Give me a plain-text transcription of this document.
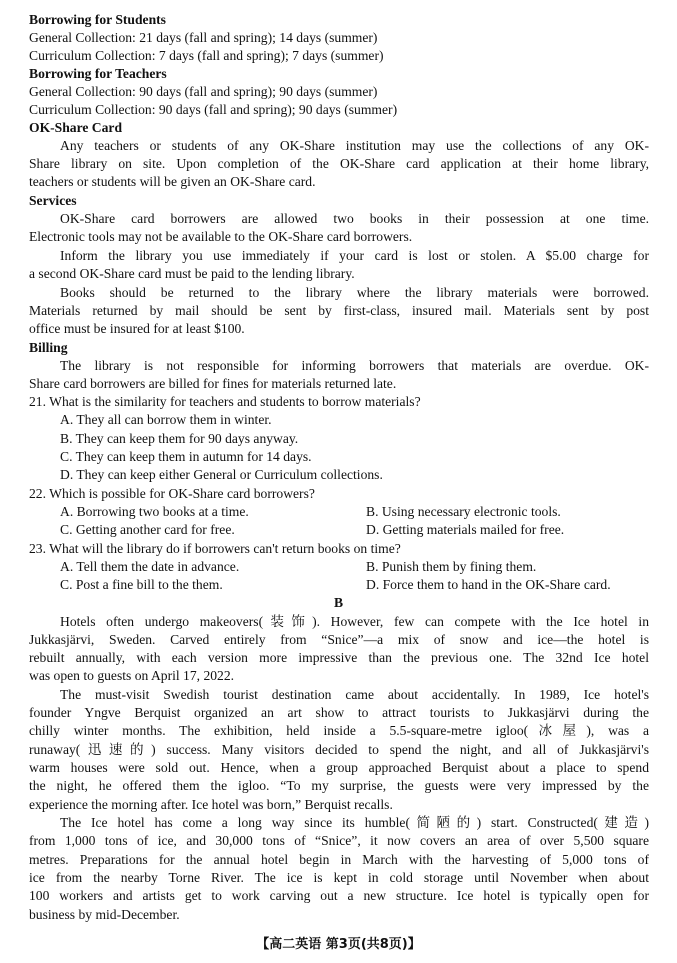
Borrowing for Students

General Collection: 21 days (fall and spring); 14 days (summer)

Curriculum Collection: 7 days (fall and spring); 7 days (summer)

Borrowing for Teachers

General Collection: 90 days (fall and spring); 90 days (summer)

Curriculum Collection: 90 days (fall and spring); 90 days (summer)

OK-Share Card

Any teachers or students of any OK-Share institution may use the collections of any OK-

Share library on site. Upon completion of the OK-Share card application at their home library,

teachers or students will be given an OK-Share card.

Services

OK-Share card borrowers are allowed two books in their possession at one time.

Electronic tools may not be available to the OK-Share card borrowers.

Inform the library you use immediately if your card is lost or stolen. A $5.00 charge for

a second OK-Share card must be paid to the lending library.

Books should be returned to the library where the library materials were borrowed.

Materials returned by mail should be sent by first-class, insured mail. Materials sent by post

office must be insured for at least $100.

Billing

The library is not responsible for informing borrowers that materials are overdue. OK-

Share card borrowers are billed for fines for materials returned late.

21. What is the similarity for teachers and students to borrow materials?

A. They all can borrow them in winter.

B. They can keep them for 90 days anyway.

C. They can keep them in autumn for 14 days.

D. They can keep either General or Curriculum collections.

22. Which is possible for OK-Share card borrowers?

A. Borrowing two books at a time.	B. Using necessary electronic tools.

C. Getting another card for free.	D. Getting materials mailed for free.

23. What will the library do if borrowers can't return books on time?

A. Tell them the date in advance.	B. Punish them by fining them.

C. Post a fine bill to the them.	D. Force them to hand in the OK-Share card.

B

Hotels often undergo makeovers(装饰). However, few can compete with the Ice hotel in

Jukkasjärvi, Sweden. Carved entirely from “Snice”—a mix of snow and ice—the hotel is

rebuilt annually, with each version more impressive than the previous one. The 32nd Ice hotel

was open to guests on April 17, 2022.

The must-visit Swedish tourist destination came about accidentally. In 1989, Ice hotel's

founder Yngve Berquist organized an art show to attract tourists to Jukkasjärvi during the

chilly winter months. The exhibition, held inside a 5.5-square-metre igloo(冰屋), was a

runaway(迅速的) success. Many visitors decided to spend the night, and all of Jukkasjärvi's

warm houses were sold out. Hence, when a group approached Berquist about a place to spend

the night, he offered them the igloo. “To my surprise, the guests were very impressed by the

experience the morning after. Ice hotel was born,” Berquist recalls.

The Ice hotel has come a long way since its humble(简陋的) start. Constructed(建造)

from 1,000 tons of ice, and 30,000 tons of “Snice”, it now covers an area of over 5,500 square

metres. Preparations for the annual hotel begin in March with the harvesting of 5,000 tons of

ice from the nearby Torne River. The ice is kept in cold storage until November when about

100 workers and artists get to work carving out a new structure. Ice hotel is typically open for

business by mid-December.

【高二英语 第3页(共8页)】
